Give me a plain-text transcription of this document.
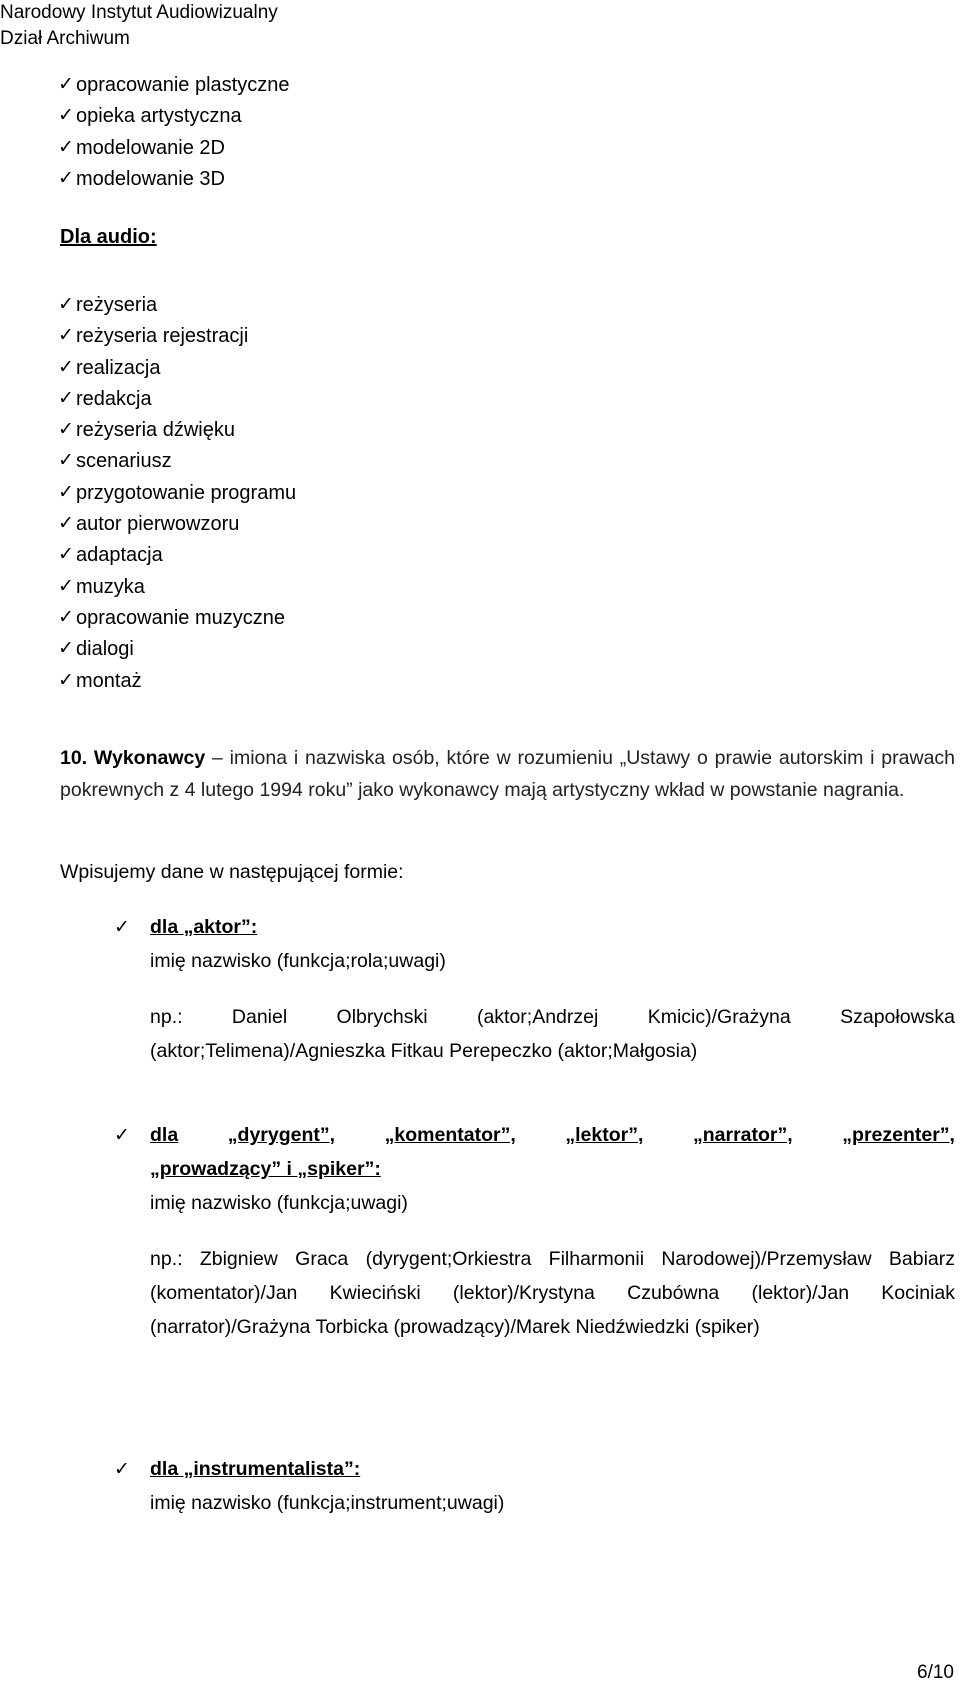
Narodowy Instytut Audiowizualny
Dział Archiwum
✓ opracowanie plastyczne
✓ opieka artystyczna
✓ modelowanie 2D
✓ modelowanie 3D
Dla audio:
✓ reżyseria
✓ reżyseria rejestracji
✓ realizacja
✓ redakcja
✓ reżyseria dźwięku
✓ scenariusz
✓ przygotowanie programu
✓ autor pierwowzoru
✓ adaptacja
✓ muzyka
✓ opracowanie muzyczne
✓ dialogi
✓ montaż
10. Wykonawcy – imiona i nazwiska osób, które w rozumieniu „Ustawy o prawie autorskim i prawach pokrewnych z 4 lutego 1994 roku” jako wykonawcy mają artystyczny wkład w powstanie nagrania.
Wpisujemy dane w następującej formie:
✓ dla „aktor”:
imię nazwisko (funkcja;rola;uwagi)
np.: Daniel Olbrychski (aktor;Andrzej Kmicic)/Grażyna Szapołowska (aktor;Telimena)/Agnieszka Fitkau Perepeczko (aktor;Małgosia)
✓ dla	„dyrygent”,	„komentator”,	„lektor”,	„narrator”,	„prezenter”,
„prowadzący” i „spiker”:
imię nazwisko (funkcja;uwagi)
np.: Zbigniew Graca (dyrygent;Orkiestra Filharmonii Narodowej)/Przemysław Babiarz (komentator)/Jan Kwieciński (lektor)/Krystyna Czubówna (lektor)/Jan Kociniak (narrator)/Grażyna Torbicka (prowadzący)/Marek Niedźwiedzki (spiker)
✓ dla „instrumentalista”:
imię nazwisko (funkcja;instrument;uwagi)
6/10
